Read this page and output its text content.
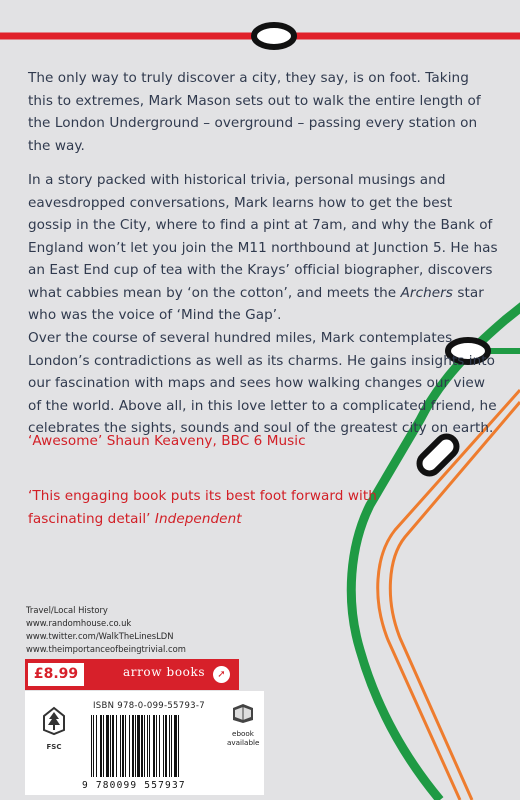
The only way to truly discover a city, they say, is on foot. Taking this to extremes, Mark Mason sets out to walk the entire length of the London Underground – overground – passing every station on the way.

In a story packed with historical trivia, personal musings and eavesdropped conversations, Mark learns how to get the best gossip in the City, where to find a pint at 7am, and why the Bank of England won’t let you join the M11 northbound at Junction 5. He has an East End cup of tea with the Krays’ official biographer, discovers what cabbies mean by ‘on the cotton’, and meets the Archers star who was the voice of ‘Mind the Gap’.

Over the course of several hundred miles, Mark contemplates London’s contradictions as well as its charms. He gains insights into our fascination with maps and sees how walking changes our view of the world. Above all, in this love letter to a complicated friend, he celebrates the sights, sounds and soul of the greatest city on earth.

‘Awesome’ Shaun Keaveny, BBC 6 Music

‘This engaging book puts its best foot forward with fascinating detail’ Independent

Travel/Local History
www.randomhouse.co.uk
www.twitter.com/WalkTheLinesLDN
www.theimportanceofbeingtrivial.com
£8.99	arrow books	➚
FSC
ISBN 978-0-099-55793-7
9 780099 557937
ebook
available
